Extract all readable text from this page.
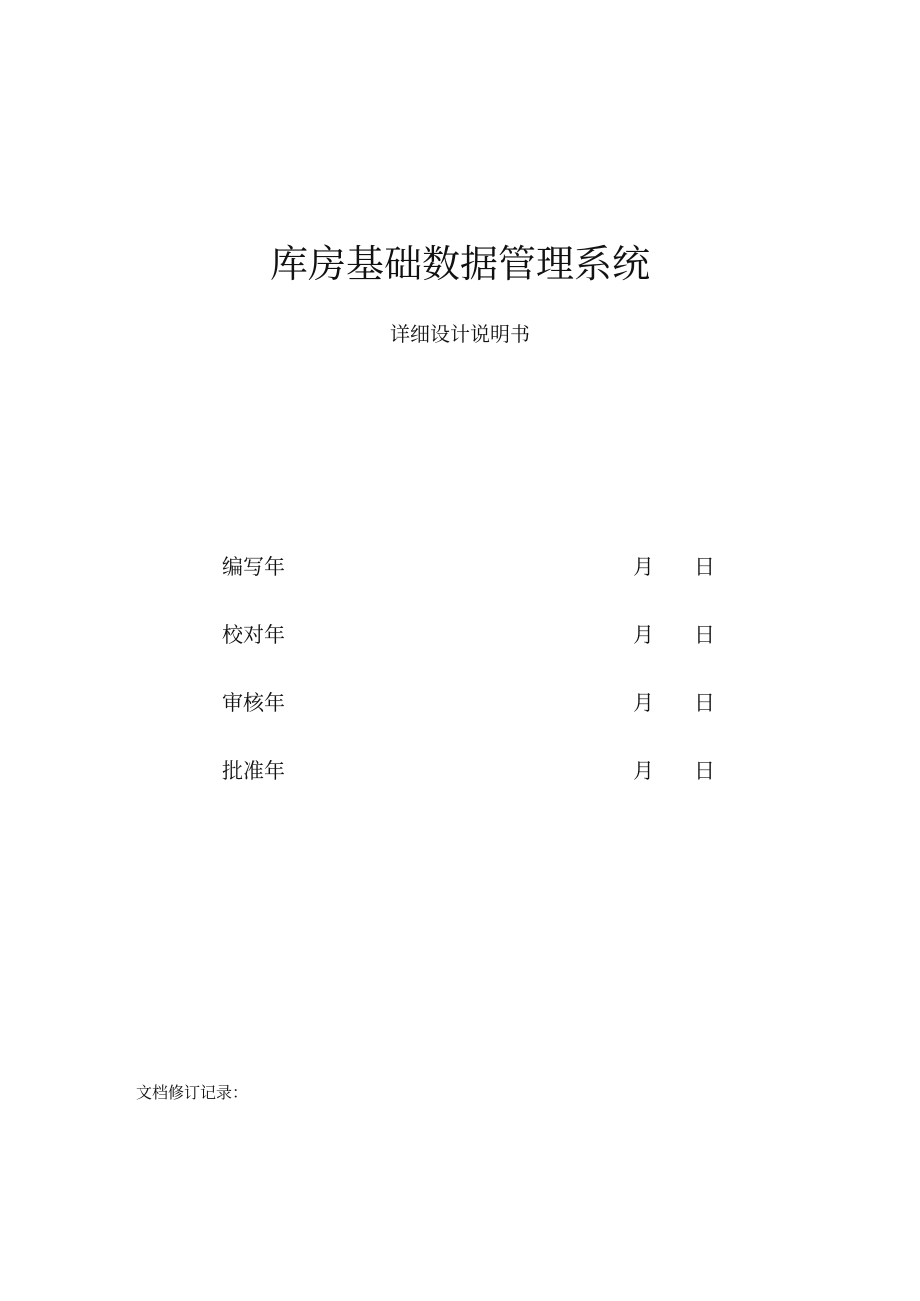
库房基础数据管理系统
详细设计说明书
编写年	月 日
校对年	月 日
审核年	月 日
批准年	月 日
文档修订记录：
